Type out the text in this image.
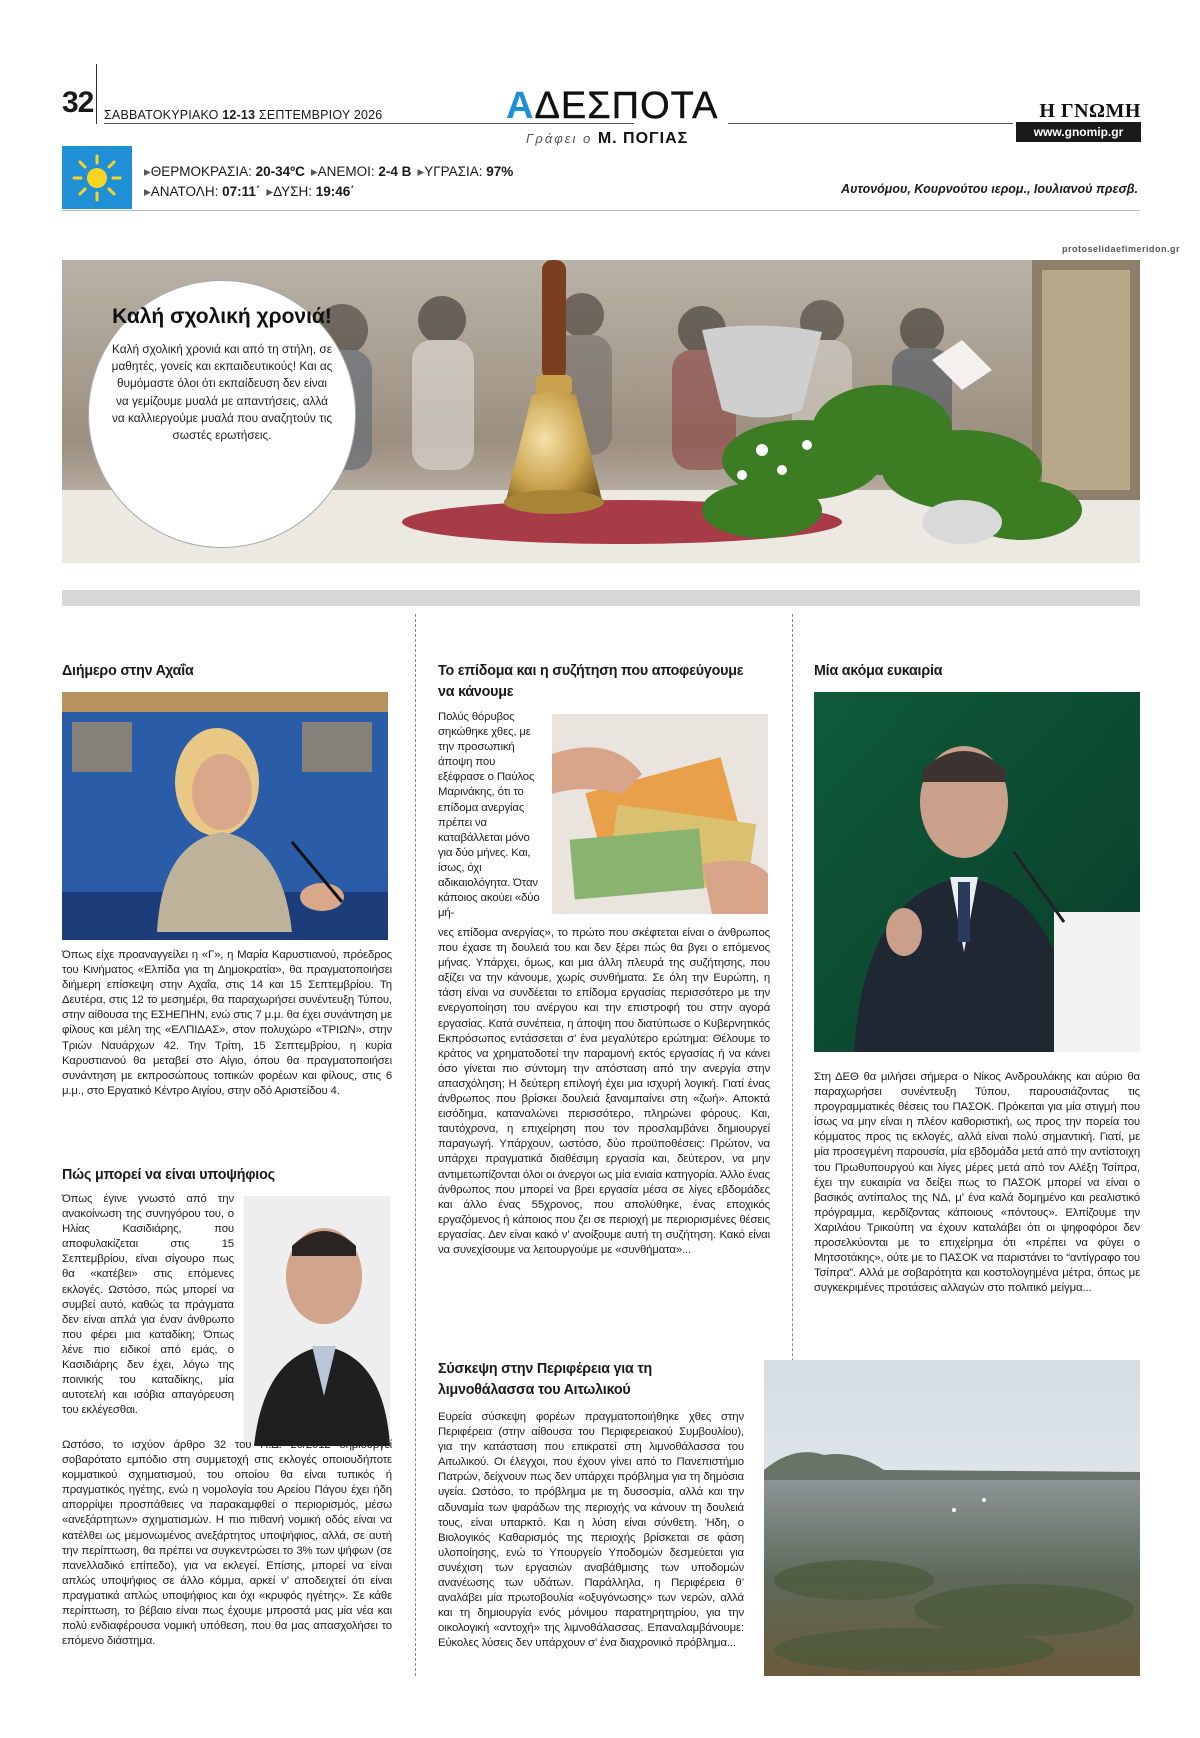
32 ΣΑΒΒΑΤΟΚΥΡΙΑΚΟ 12-13 ΣΕΠΤΕΜΒΡΙΟΥ 2026	ΑΔΕΣΠΟΤΑ
Γράφει ο Μ. ΠΟΓΙΑΣ
Η ΓΝΩΜΗ
www.gnomip.gr
▸ ΘΕΡΜΟΚΡΑΣΙΑ: 20-34ºC ▸ ΑΝΕΜΟΙ: 2-4 Β ▸ ΥΓΡΑΣΙΑ: 97%
▸ ΑΝΑΤΟΛΗ: 07:11΄ ▸ ΔΥΣΗ: 19:46΄	Αυτονόμου, Κουρνούτου ιερομ., Ιουλιανού πρεσβ.
protoselidaefimeridon.gr
Καλή σχολική χρονιά!
Καλή σχολική χρονιά και από τη στήλη, σε μαθητές, γονείς και εκπαιδευτικούς! Και ας θυμόμαστε όλοι ότι εκπαίδευση δεν είναι να γεμίζουμε μυαλά με απαντήσεις, αλλά να καλλιεργούμε μυαλά που αναζητούν τις σωστές ερωτήσεις.
Διήμερο στην Αχαΐα
Όπως είχε προαναγγείλει η «Γ», η Μαρία Καρυστιανού, πρόεδρος του Κινήματος «Ελπίδα για τη Δημοκρατία», θα πραγματοποιήσει διήμερη επίσκεψη στην Αχαΐα, στις 14 και 15 Σεπτεμβρίου. Τη Δευτέρα, στις 12 το μεσημέρι, θα παραχωρήσει συνέντευξη Τύπου, στην αίθουσα της ΕΣΗΕΠΗΝ, ενώ στις 7 μ.μ. θα έχει συνάντηση με φίλους και μέλη της «ΕΛΠΙΔΑΣ», στον πολυχώρο «ΤΡΙΩΝ», στην Τριών Ναυάρχων 42. Την Τρίτη, 15 Σεπτεμβρίου, η κυρία Καρυστιανού θα μεταβεί στο Αίγιο, όπου θα πραγματοποιήσει συνάντηση με εκπροσώπους τοπικών φορέων και φίλους, στις 6 μ.μ., στο Εργατικό Κέντρο Αιγίου, στην οδό Αριστείδου 4.
Πώς μπορεί να είναι υποψήφιος
Όπως έγινε γνωστό από την ανακοίνωση της συνηγόρου του, ο Ηλίας Κασιδιάρης, που αποφυλακίζεται στις 15 Σεπτεμβρίου, είναι σίγουρο πως θα «κατέβει» στις επόμενες εκλογές. Ωστόσο, πώς μπορεί να συμβεί αυτό, καθώς τα πράγματα δεν είναι απλά για έναν άνθρωπο που φέρει μια καταδίκη; Όπως λένε πιο ειδικοί από εμάς, ο Κασιδιάρης δεν έχει, λόγω της ποινικής του καταδίκης, μία αυτοτελή και ισόβια απαγόρευση του εκλέγεσθαι.
Ωστόσο, το ισχύον άρθρο 32 του Π.Δ. 26/2012 δημιουργεί σοβαρότατο εμπόδιο στη συμμετοχή στις εκλογές οποιουδήποτε κομματικού σχηματισμού, του οποίου θα είναι τυπικός ή πραγματικός ηγέτης, ενώ η νομολογία του Αρείου Πάγου έχει ήδη απορρίψει προσπάθειες να παρακαμφθεί ο περιορισμός, μέσω «ανεξάρτητων» σχηματισμών. Η πιο πιθανή νομική οδός είναι να κατέλθει ως μεμονωμένος ανεξάρτητος υποψήφιος, αλλά, σε αυτή την περίπτωση, θα πρέπει να συγκεντρώσει το 3% των ψήφων (σε πανελλαδικό επίπεδο), για να εκλεγεί. Επίσης, μπορεί να είναι απλώς υποψήφιος σε άλλο κόμμα, αρκεί ν’ αποδειχτεί ότι είναι πραγματικά απλώς υποψήφιος και όχι «κρυφός ηγέτης». Σε κάθε περίπτωση, το βέβαιο είναι πως έχουμε μπροστά μας μία νέα και πολύ ενδιαφέρουσα νομική υπόθεση, που θα μας απασχολήσει το επόμενο διάστημα.
Το επίδομα και η συζήτηση που αποφεύγουμε να κάνουμε
Πολύς θόρυβος σηκώθηκε χθες, με την προσωπική άποψη που εξέφρασε ο Παύλος Μαρινάκης, ότι το επίδομα ανεργίας πρέπει να καταβάλλεται μόνο για δύο μήνες. Και, ίσως, όχι αδικαιολόγητα. Όταν κάποιος ακούει «δύο μή-
νες επίδομα ανεργίας», το πρώτο που σκέφτεται είναι ο άνθρωπος που έχασε τη δουλειά του και δεν ξέρει πώς θα βγει ο επόμενος μήνας. Υπάρχει, όμως, και μια άλλη πλευρά της συζήτησης, που αξίζει να την κάνουμε, χωρίς συνθήματα. Σε όλη την Ευρώπη, η τάση είναι να συνδέεται το επίδομα εργασίας περισσότερο με την ενεργοποίηση του ανέργου και την επιστροφή του στην αγορά εργασίας. Κατά συνέπεια, η άποψη που διατύπωσε ο Κυβερνητικός Εκπρόσωπος εντάσσεται σ’ ένα μεγαλύτερο ερώτημα: Θέλουμε το κράτος να χρηματοδοτεί την παραμονή εκτός εργασίας ή να κάνει όσο γίνεται πιο σύντομη την απόσταση από την ανεργία στην απασχόληση; Η δεύτερη επιλογή έχει μια ισχυρή λογική. Γιατί ένας άνθρωπος που βρίσκει δουλειά ξαναμπαίνει στη «ζωή». Αποκτά εισόδημα, καταναλώνει περισσότερο, πληρώνει φόρους. Και, ταυτόχρονα, η επιχείρηση που τον προσλαμβάνει δημιουργεί παραγωγή. Υπάρχουν, ωστόσο, δύο προϋποθέσεις: Πρώτον, να υπάρχει πραγματικά διαθέσιμη εργασία και, δεύτερον, να μην αντιμετωπίζονται όλοι οι άνεργοι ως μία ενιαία κατηγορία. Άλλο ένας άνθρωπος που μπορεί να βρει εργασία μέσα σε λίγες εβδομάδες και άλλο ένας 55χρονος, που απολύθηκε, ένας εποχικός εργαζόμενος ή κάποιος που ζει σε περιοχή με περιορισμένες θέσεις εργασίας. Δεν είναι κακό ν’ ανοίξουμε αυτή τη συζήτηση. Κακό είναι να συνεχίσουμε να λειτουργούμε με «συνθήματα»...
Σύσκεψη στην Περιφέρεια για τη λιμνοθάλασσα του Αιτωλικού
Ευρεία σύσκεψη φορέων πραγματοποιήθηκε χθες στην Περιφέρεια (στην αίθουσα του Περιφερειακού Συμβουλίου), για την κατάσταση που επικρατεί στη λιμνοθάλασσα του Αιτωλικού. Οι έλεγχοι, που έχουν γίνει από το Πανεπιστήμιο Πατρών, δείχνουν πως δεν υπάρχει πρόβλημα για τη δημόσια υγεία. Ωστόσο, το πρόβλημα με τη δυσοσμία, αλλά και την αδυναμία των ψαράδων της περιοχής να κάνουν τη δουλειά τους, είναι υπαρκτό. Και η λύση είναι σύνθετη. Ήδη, ο Βιολογικός Καθαρισμός της περιοχής βρίσκεται σε φάση υλοποίησης, ενώ το Υπουργείο Υποδομών δεσμεύεται για συνέχιση των εργασιών αναβάθμισης των υποδομών ανανέωσης των υδάτων. Παράλληλα, η Περιφέρεια θ’ αναλάβει μία πρωτοβουλία «οξυγόνωσης» των νερών, αλλά και τη δημιουργία ενός μόνιμου παρατηρητηρίου, για την οικολογική «αντοχή» της λιμνοθάλασσας. Επαναλαμβάνουμε: Εύκολες λύσεις δεν υπάρχουν σ’ ένα διαχρονικό πρόβλημα...
Μία ακόμα ευκαιρία
Στη ΔΕΘ θα μιλήσει σήμερα ο Νίκος Ανδρουλάκης και αύριο θα παραχωρήσει συνέντευξη Τύπου, παρουσιάζοντας τις προγραμματικές θέσεις του ΠΑΣΟΚ. Πρόκειται για μία στιγμή που ίσως να μην είναι η πλέον καθοριστική, ως προς την πορεία του κόμματος προς τις εκλογές, αλλά είναι πολύ σημαντική. Γιατί, με μία προσεγμένη παρουσία, μία εβδομάδα μετά από την αντίστοιχη του Πρωθυπουργού και λίγες μέρες μετά από τον Αλέξη Τσίπρα, έχει την ευκαιρία να δείξει πως το ΠΑΣΟΚ μπορεί να είναι ο βασικός αντίπαλος της ΝΔ, μ’ ένα καλά δομημένο και ρεαλιστικό πρόγραμμα, κερδίζοντας κάποιους «πόντους». Ελπίζουμε την Χαριλάου Τρικούπη να έχουν καταλάβει ότι οι ψηφοφόροι δεν προσελκύονται με το επιχείρημα ότι «πρέπει να φύγει ο Μητσοτάκης», ούτε με το ΠΑΣΟΚ να παριστάνει το “αντίγραφο του Τσίπρα”. Αλλά με σοβαρότητα και κοστολογημένα μέτρα, όπως με συγκεκριμένες προτάσεις αλλαγών στο πολιτικό μείγμα...
